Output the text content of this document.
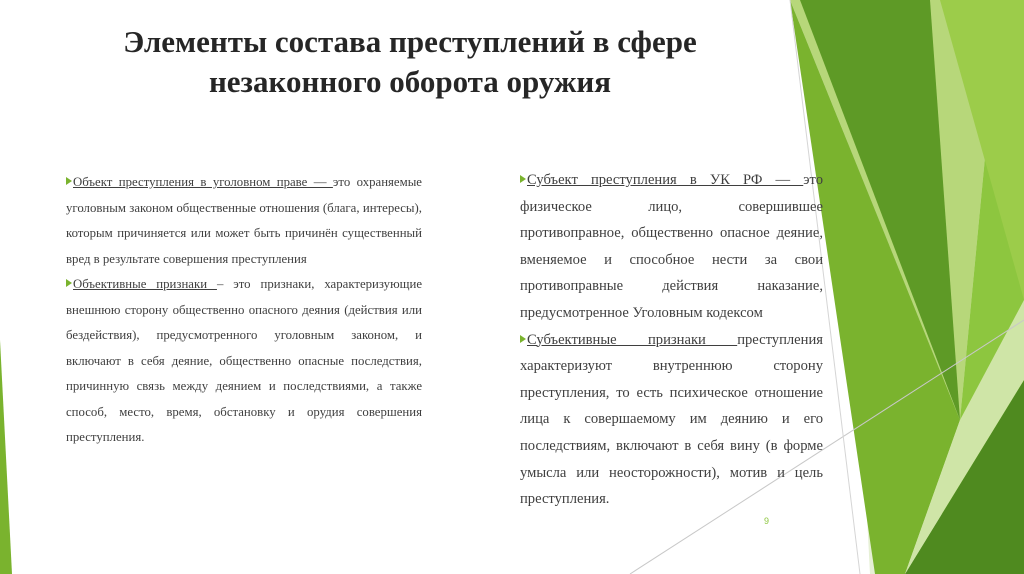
Элементы состава преступлений в сфере
незаконного оборота оружия

Объект преступления в уголовном праве — это охраняемые уголовным законом общественные отношения (блага, интересы), которым причиняется или может быть причинён существенный вред в результате совершения преступления

Объективные признаки – это признаки, характеризующие внешнюю сторону общественно опасного деяния (действия или бездействия), предусмотренного уголовным законом, и включают в себя деяние, общественно опасные последствия, причинную связь между деянием и последствиями, а также способ, место, время, обстановку и орудия совершения преступления.

Субъект преступления в УК РФ — это физическое лицо, совершившее противоправное, общественно опасное деяние, вменяемое и способное нести за свои противоправные действия наказание, предусмотренное Уголовным кодексом

Субъективные признаки преступления характеризуют внутреннюю сторону преступления, то есть психическое отношение лица к совершаемому им деянию и его последствиям, включают в себя вину (в форме умысла или неосторожности), мотив и цель преступления.

9
